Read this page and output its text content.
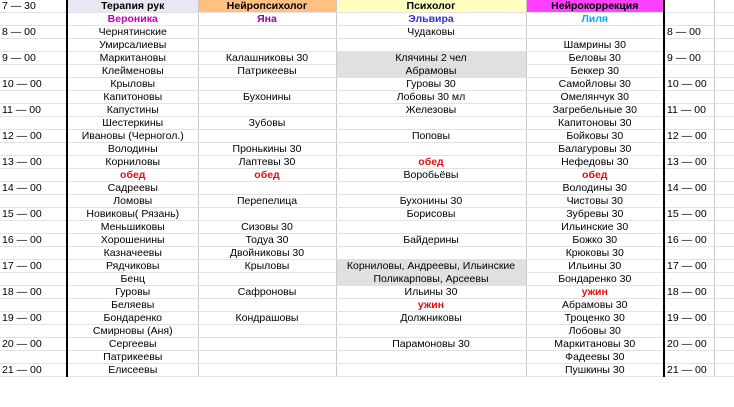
7 — 30	Терапия рук	Нейропсихолог	Психолог	Нейрокоррекция		
	Вероника	Яна	Эльвира	Лиля		
8 — 00	Чернятинские		Чудаковы		8 — 00	
	Умирсалиевы			Шамрины 30		
9 — 00	Маркитановы	Калашниковы 30	Клячины 2 чел	Беловы 30	9 — 00	
	Клейменовы	Патрикеевы	Абрамовы	Беккер 30		
10 — 00	Крыловы		Гуровы 30	Самойловы 30	10 — 00	
	Капитоновы	Бухонины	Лобовы 30 мл	Омелянчук 30		
11 — 00	Капустины		Железовы	Загребельные 30	11 — 00	
	Шестеркины	Зубовы		Капитоновы 30		
12 — 00	Ивановы (Черногол.)		Поповы	Бойковы 30	12 — 00	
	Володины	Пронькины 30		Балагуровы 30		
13 — 00	Корниловы	Лаптевы 30	обед	Нефедовы 30	13 — 00	
	обед	обед	Воробьёвы	обед		
14 — 00	Садреевы			Володины 30	14 — 00	
	Ломовы	Перепелица	Бухонины 30	Чистовы 30		
15 — 00	Новиковы( Рязань)		Борисовы	Зубревы 30	15 — 00	
	Меньшиковы	Сизовы 30		Ильинские 30		
16 — 00	Хорошенины	Тодуа 30	Байдерины	Божко 30	16 — 00	
	Казначеевы	Двойниковы 30		Крюковы 30		
17 — 00	Рядчиковы	Крыловы	Корниловы, Андреевы, Ильинские	Ильины 30	17 — 00	
	Бенц		Поликарповы, Арсеевы	Бондаренко 30		
18 — 00	Гуровы	Сафроновы	Ильины 30	ужин	18 — 00	
	Беляевы		ужин	Абрамовы 30		
19 — 00	Бондаренко	Кондрашовы	Должниковы	Троценко 30	19 — 00	
	Смирновы (Аня)			Лобовы 30		
20 — 00	Сергеевы		Парамоновы 30	Маркитановы 30	20 — 00	
	Патрикеевы			Фадеевы 30		
21 — 00	Елисеевы			Пушкины 30	21 — 00	
